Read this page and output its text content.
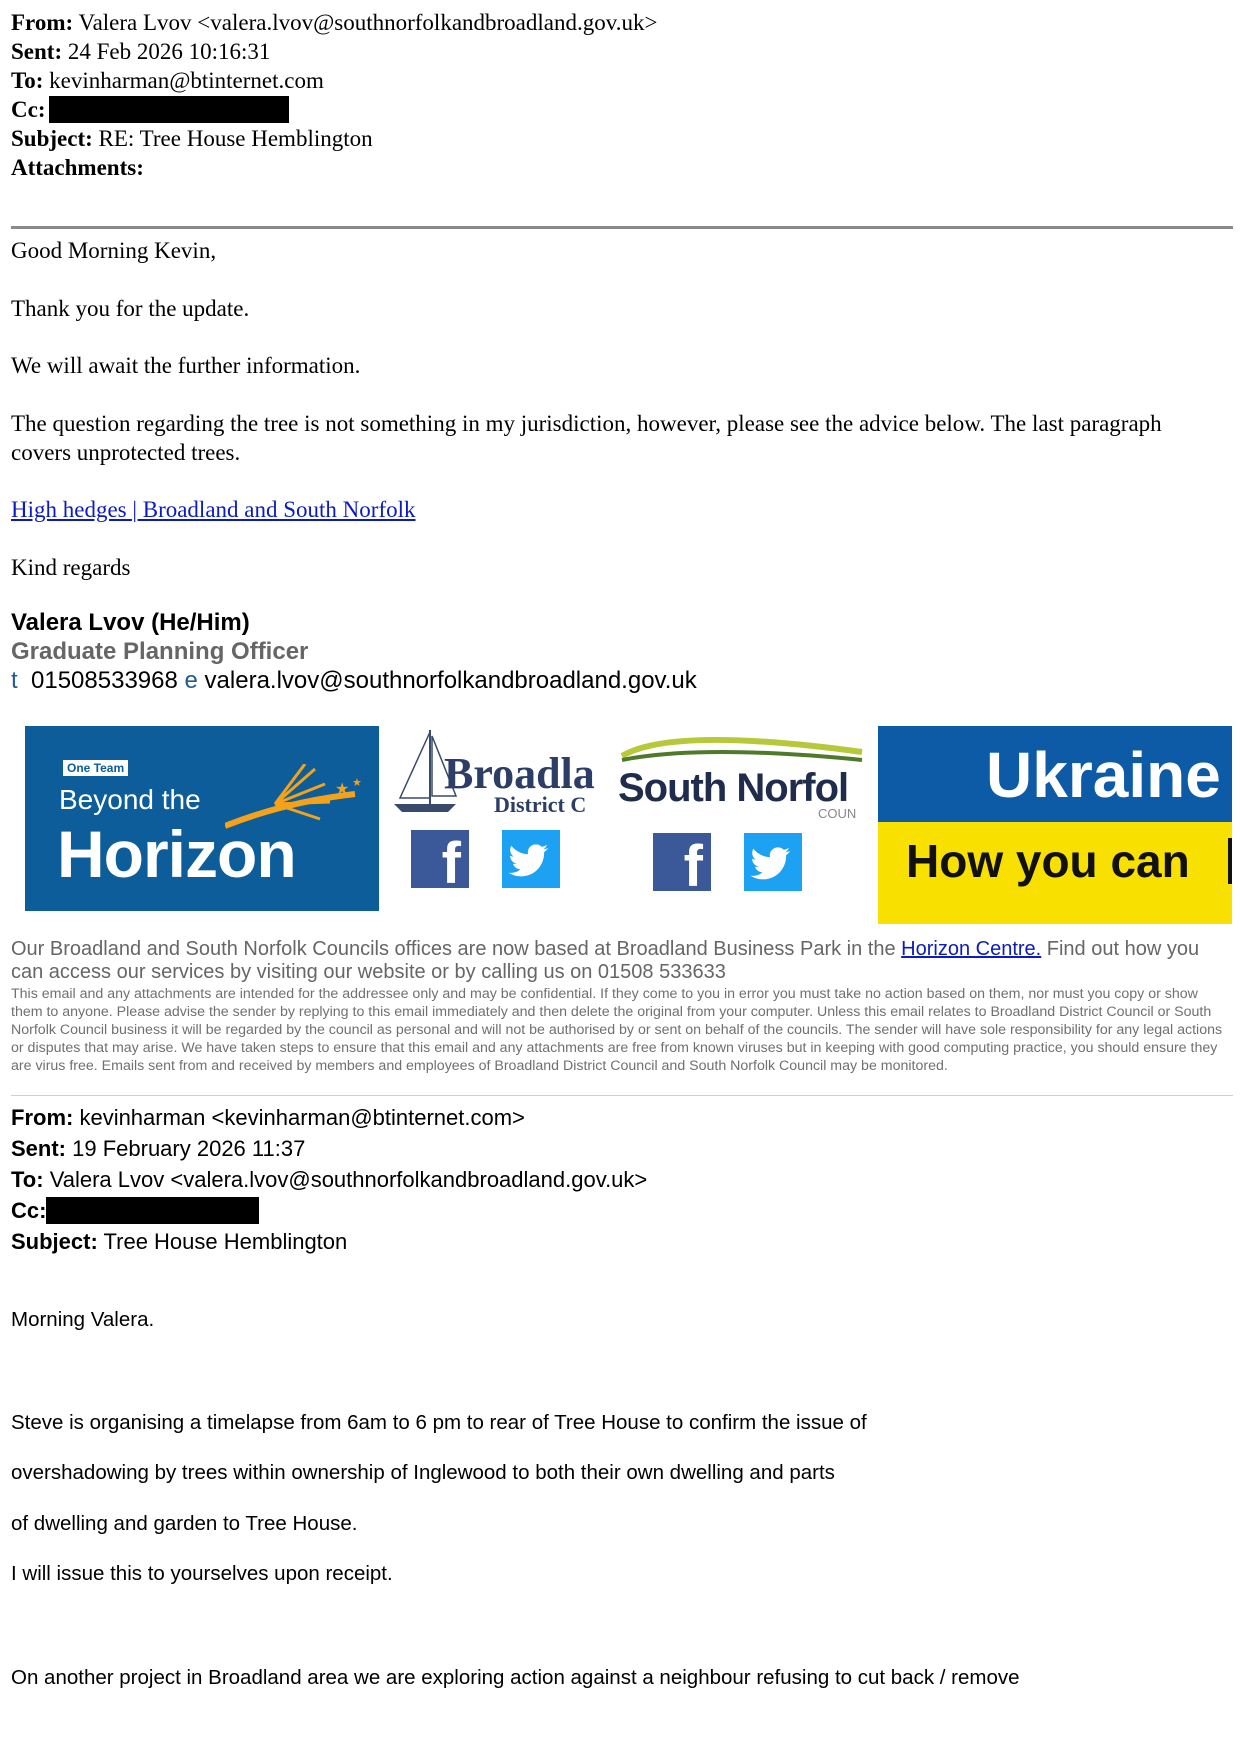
From: Valera Lvov <valera.lvov@southnorfolkandbroadland.gov.uk>
Sent: 24 Feb 2026 10:16:31
To: kevinharman@btinternet.com
Cc:
Subject: RE: Tree House Hemblington
Attachments:
Good Morning Kevin,
Thank you for the update.
We will await the further information.
The question regarding the tree is not something in my jurisdiction, however, please see the advice below. The last paragraph covers unprotected trees.
High hedges | Broadland and South Norfolk
Kind regards
Valera Lvov (He/Him)
Graduate Planning Officer
t 01508533968 e valera.lvov@southnorfolkandbroadland.gov.uk
One Team
Beyond the
Horizon
★ ★ Broadla
District C South Norfol
COUN
f	f
Ukraine
How you can
Our Broadland and South Norfolk Councils offices are now based at Broadland Business Park in the Horizon Centre. Find out how you can access our services by visiting our website or by calling us on 01508 533633
This email and any attachments are intended for the addressee only and may be confidential. If they come to you in error you must take no action based on them, nor must you copy or show them to anyone. Please advise the sender by replying to this email immediately and then delete the original from your computer. Unless this email relates to Broadland District Council or South Norfolk Council business it will be regarded by the council as personal and will not be authorised by or sent on behalf of the councils. The sender will have sole responsibility for any legal actions or disputes that may arise. We have taken steps to ensure that this email and any attachments are free from known viruses but in keeping with good computing practice, you should ensure they are virus free. Emails sent from and received by members and employees of Broadland District Council and South Norfolk Council may be monitored.
From: kevinharman <kevinharman@btinternet.com>
Sent: 19 February 2026 11:37
To: Valera Lvov <valera.lvov@southnorfolkandbroadland.gov.uk>
Cc:
Subject: Tree House Hemblington
Morning Valera.
Steve is organising a timelapse from 6am to 6 pm to rear of Tree House to confirm the issue of
overshadowing by trees within ownership of Inglewood to both their own dwelling and parts
of dwelling and garden to Tree House.
I will issue this to yourselves upon receipt.
On another project in Broadland area we are exploring action against a neighbour refusing to cut back / remove
